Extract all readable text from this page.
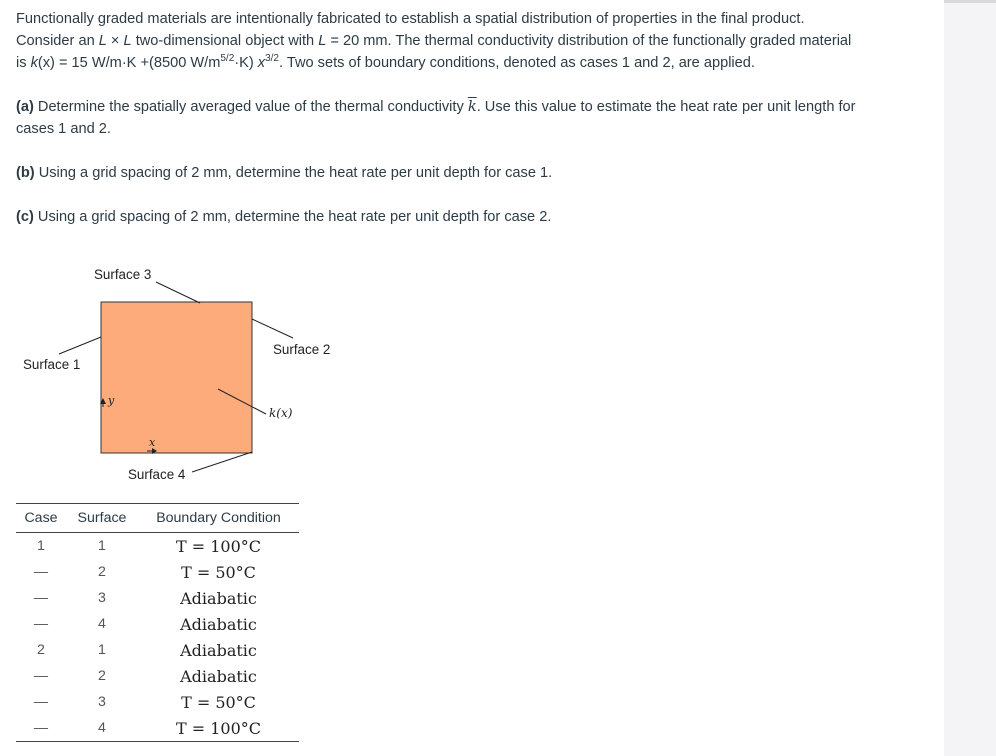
Functionally graded materials are intentionally fabricated to establish a spatial distribution of properties in the final product.
Consider an L × L two-dimensional object with L = 20 mm. The thermal conductivity distribution of the functionally graded material
is k(x) = 15 W/m·K +(8500 $W/m^{5/2}\cdot K$) $x^{3/2}$. Two sets of boundary conditions, denoted as cases 1 and 2, are applied.
(a) Determine the spatially averaged value of the thermal conductivity $\overline{k}$. Use this value to estimate the heat rate per unit length for
cases 1 and 2.
(b) Using a grid spacing of 2 mm, determine the heat rate per unit depth for case 1.
(c) Using a grid spacing of 2 mm, determine the heat rate per unit depth for case 2.
Surface 3
Surface 2
Surface 1
Surface 4
k(x)
y
x
Case	Surface	Boundary Condition
1	1	T = 100°C
—	2	T = 50°C
—	3	Adiabatic
—	4	Adiabatic
2	1	Adiabatic
—	2	Adiabatic
—	3	T = 50°C
—	4	T = 100°C
